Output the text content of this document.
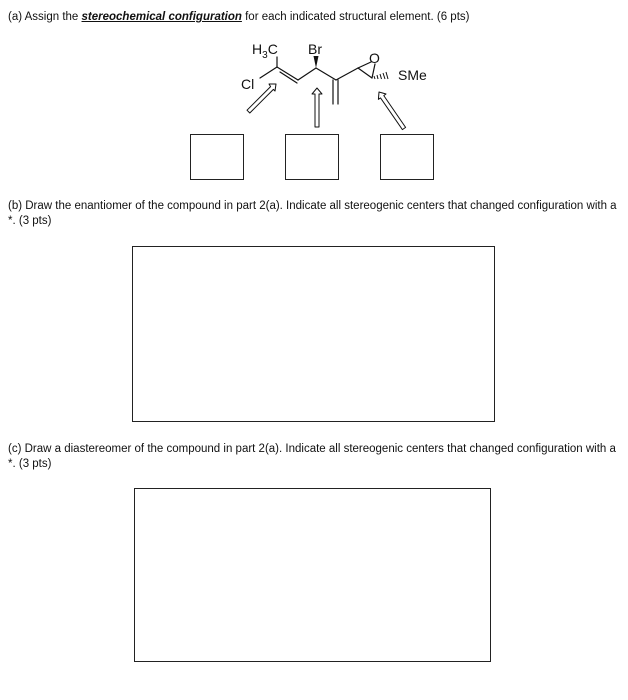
(a) Assign the stereochemical configuration for each indicated structural element. (6 pts)

$H_3C$ Br
Cl
O
SMe

(b) Draw the enantiomer of the compound in part 2(a). Indicate all stereogenic centers that changed configuration with a *. (3 pts)

(c) Draw a diastereomer of the compound in part 2(a). Indicate all stereogenic centers that changed configuration with a *. (3 pts)
